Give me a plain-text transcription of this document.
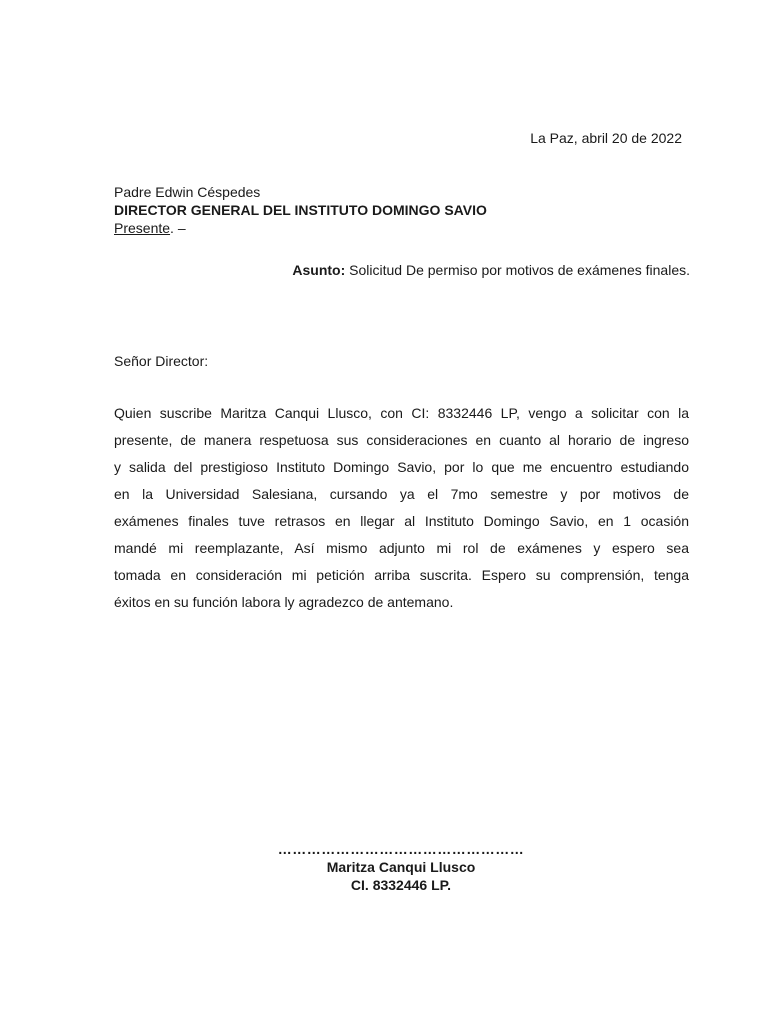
La Paz, abril 20 de 2022
Padre Edwin Céspedes
DIRECTOR GENERAL DEL INSTITUTO DOMINGO SAVIO
Presente. –
Asunto: Solicitud De permiso por motivos de exámenes finales.
Señor Director:
Quien suscribe Maritza Canqui Llusco, con CI: 8332446 LP, vengo a solicitar con la
presente, de manera respetuosa sus consideraciones en cuanto al horario de ingreso
y salida del prestigioso Instituto Domingo Savio, por lo que me encuentro estudiando
en la Universidad Salesiana, cursando ya el 7mo semestre y por motivos de
exámenes finales tuve retrasos en llegar al Instituto Domingo Savio, en 1 ocasión
mandé mi reemplazante, Así mismo adjunto mi rol de exámenes y espero sea
tomada en consideración mi petición arriba suscrita. Espero su comprensión, tenga
éxitos en su función labora ly agradezco de antemano.
……………………………………………
Maritza Canqui Llusco
CI. 8332446 LP.
